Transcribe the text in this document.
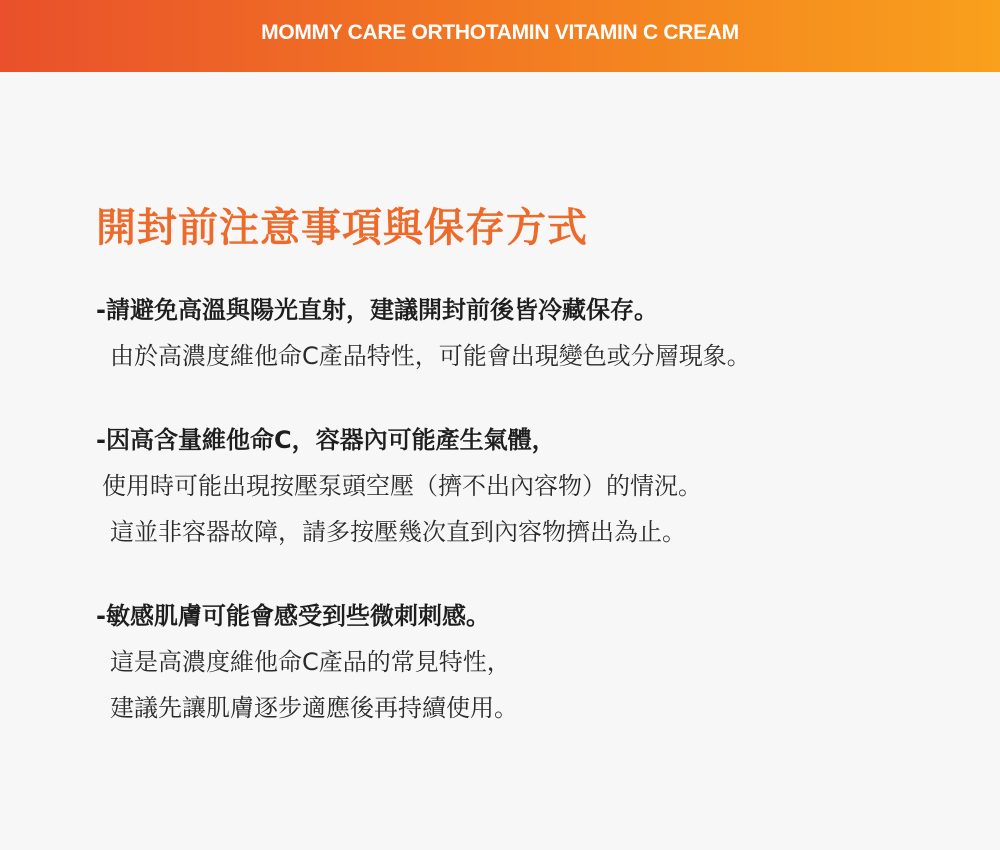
MOMMY CARE ORTHOTAMIN VITAMIN C CREAM
開封前注意事項與保存方式
-請避免高溫與陽光直射，建議開封前後皆冷藏保存。
由於高濃度維他命C產品特性，可能會出現變色或分層現象。
-因高含量維他命C，容器內可能產生氣體，
使用時可能出現按壓泵頭空壓（擠不出內容物）的情況。
這並非容器故障，請多按壓幾次直到內容物擠出為止。
-敏感肌膚可能會感受到些微刺刺感。
這是高濃度維他命C產品的常見特性，
建議先讓肌膚逐步適應後再持續使用。
